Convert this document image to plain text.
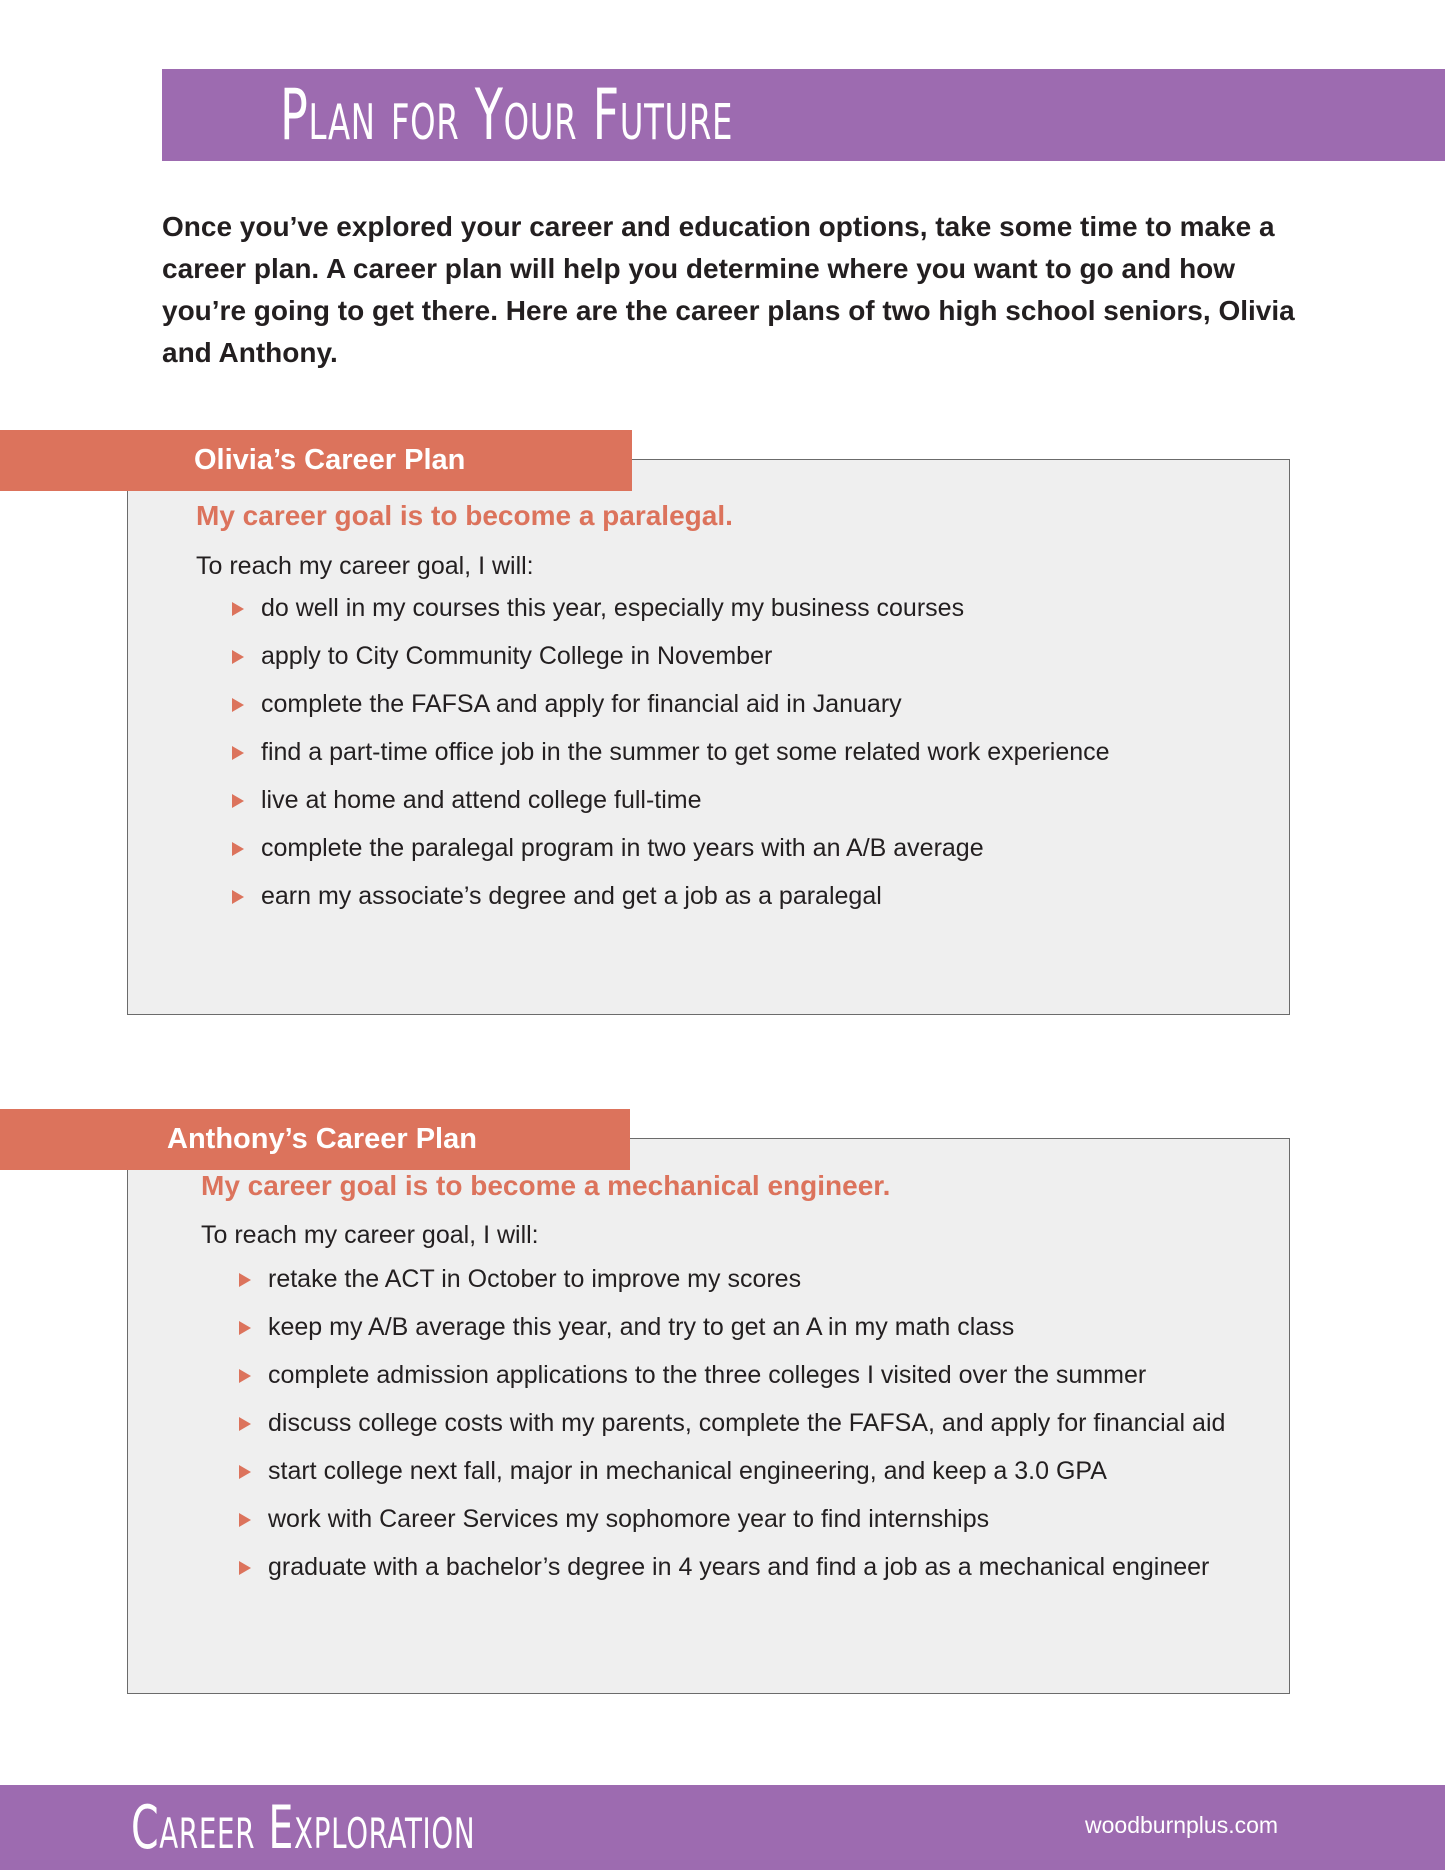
Plan for Your Future

Once you’ve explored your career and education options, take some time to make a career plan. A career plan will help you determine where you want to go and how you’re going to get there. Here are the career plans of two high school seniors, Olivia and Anthony.

My career goal is to become a paralegal.
To reach my career goal, I will:
do well in my courses this year, especially my business courses
apply to City Community College in November
complete the FAFSA and apply for financial aid in January
find a part-time office job in the summer to get some related work experience
live at home and attend college full-time
complete the paralegal program in two years with an A/B average
earn my associate’s degree and get a job as a paralegal
Olivia’s Career Plan
My career goal is to become a mechanical engineer.
To reach my career goal, I will:
retake the ACT in October to improve my scores
keep my A/B average this year, and try to get an A in my math class
complete admission applications to the three colleges I visited over the summer
discuss college costs with my parents, complete the FAFSA, and apply for financial aid
start college next fall, major in mechanical engineering, and keep a 3.0 GPA
work with Career Services my sophomore year to find internships
graduate with a bachelor’s degree in 4 years and find a job as a mechanical engineer
Anthony’s Career Plan
Career Exploration	woodburnplus.com
